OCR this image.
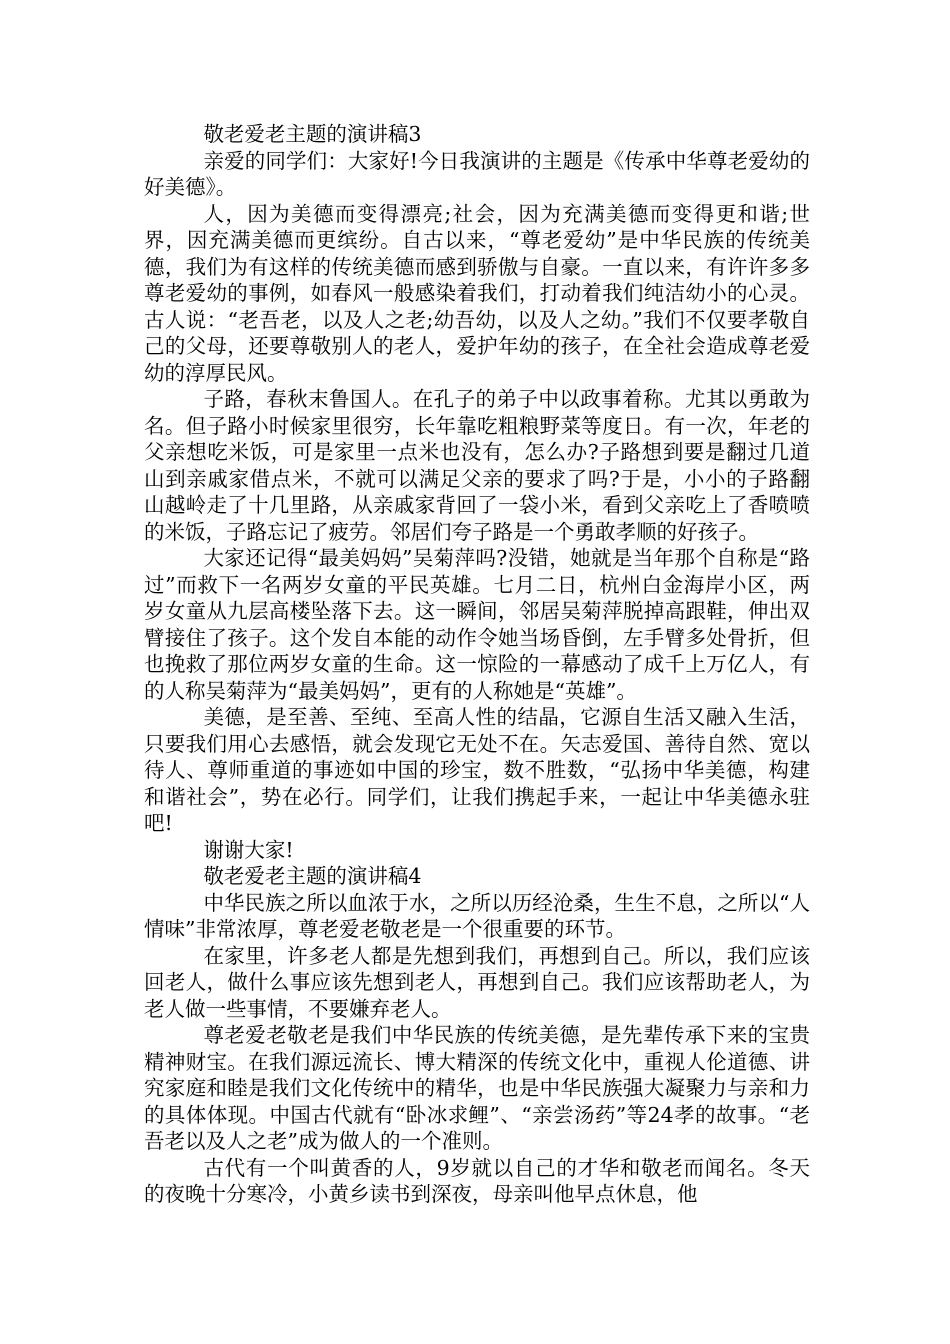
敬老爱老主题的演讲稿3

亲爱的同学们：大家好!今日我演讲的主题是《传承中华尊老爱幼的好美德》。

人，因为美德而变得漂亮;社会，因为充满美德而变得更和谐;世界，因充满美德而更缤纷。自古以来，“尊老爱幼”是中华民族的传统美德，我们为有这样的传统美德而感到骄傲与自豪。一直以来，有许许多多尊老爱幼的事例，如春风一般感染着我们，打动着我们纯洁幼小的心灵。古人说：“老吾老，以及人之老;幼吾幼，以及人之幼。”我们不仅要孝敬自己的父母，还要尊敬别人的老人，爱护年幼的孩子，在全社会造成尊老爱幼的淳厚民风。

子路，春秋末鲁国人。在孔子的弟子中以政事着称。尤其以勇敢为名。但子路小时候家里很穷，长年靠吃粗粮野菜等度日。有一次，年老的父亲想吃米饭，可是家里一点米也没有，怎么办?子路想到要是翻过几道山到亲戚家借点米，不就可以满足父亲的要求了吗?于是，小小的子路翻山越岭走了十几里路，从亲戚家背回了一袋小米，看到父亲吃上了香喷喷的米饭，子路忘记了疲劳。邻居们夸子路是一个勇敢孝顺的好孩子。

大家还记得“最美妈妈”吴菊萍吗?没错，她就是当年那个自称是“路过”而救下一名两岁女童的平民英雄。七月二日，杭州白金海岸小区，两岁女童从九层高楼坠落下去。这一瞬间，邻居吴菊萍脱掉高跟鞋，伸出双臂接住了孩子。这个发自本能的动作令她当场昏倒，左手臂多处骨折，但也挽救了那位两岁女童的生命。这一惊险的一幕感动了成千上万亿人，有的人称吴菊萍为“最美妈妈”，更有的人称她是“英雄”。

美德，是至善、至纯、至高人性的结晶，它源自生活又融入生活，只要我们用心去感悟，就会发现它无处不在。矢志爱国、善待自然、宽以待人、尊师重道的事迹如中国的珍宝，数不胜数，“弘扬中华美德，构建和谐社会”，势在必行。同学们，让我们携起手来，一起让中华美德永驻吧!

谢谢大家!

敬老爱老主题的演讲稿4

中华民族之所以血浓于水，之所以历经沧桑，生生不息，之所以“人情味”非常浓厚，尊老爱老敬老是一个很重要的环节。

在家里，许多老人都是先想到我们，再想到自己。所以，我们应该回老人，做什么事应该先想到老人，再想到自己。我们应该帮助老人，为老人做一些事情，不要嫌弃老人。

尊老爱老敬老是我们中华民族的传统美德，是先辈传承下来的宝贵精神财宝。在我们源远流长、博大精深的传统文化中，重视人伦道德、讲究家庭和睦是我们文化传统中的精华，也是中华民族强大凝聚力与亲和力的具体体现。中国古代就有“卧冰求鲤”、“亲尝汤药”等24孝的故事。“老吾老以及人之老”成为做人的一个准则。

古代有一个叫黄香的人，9岁就以自己的才华和敬老而闻名。冬天的夜晚十分寒冷，小黄乡读书到深夜，母亲叫他早点休息，他
